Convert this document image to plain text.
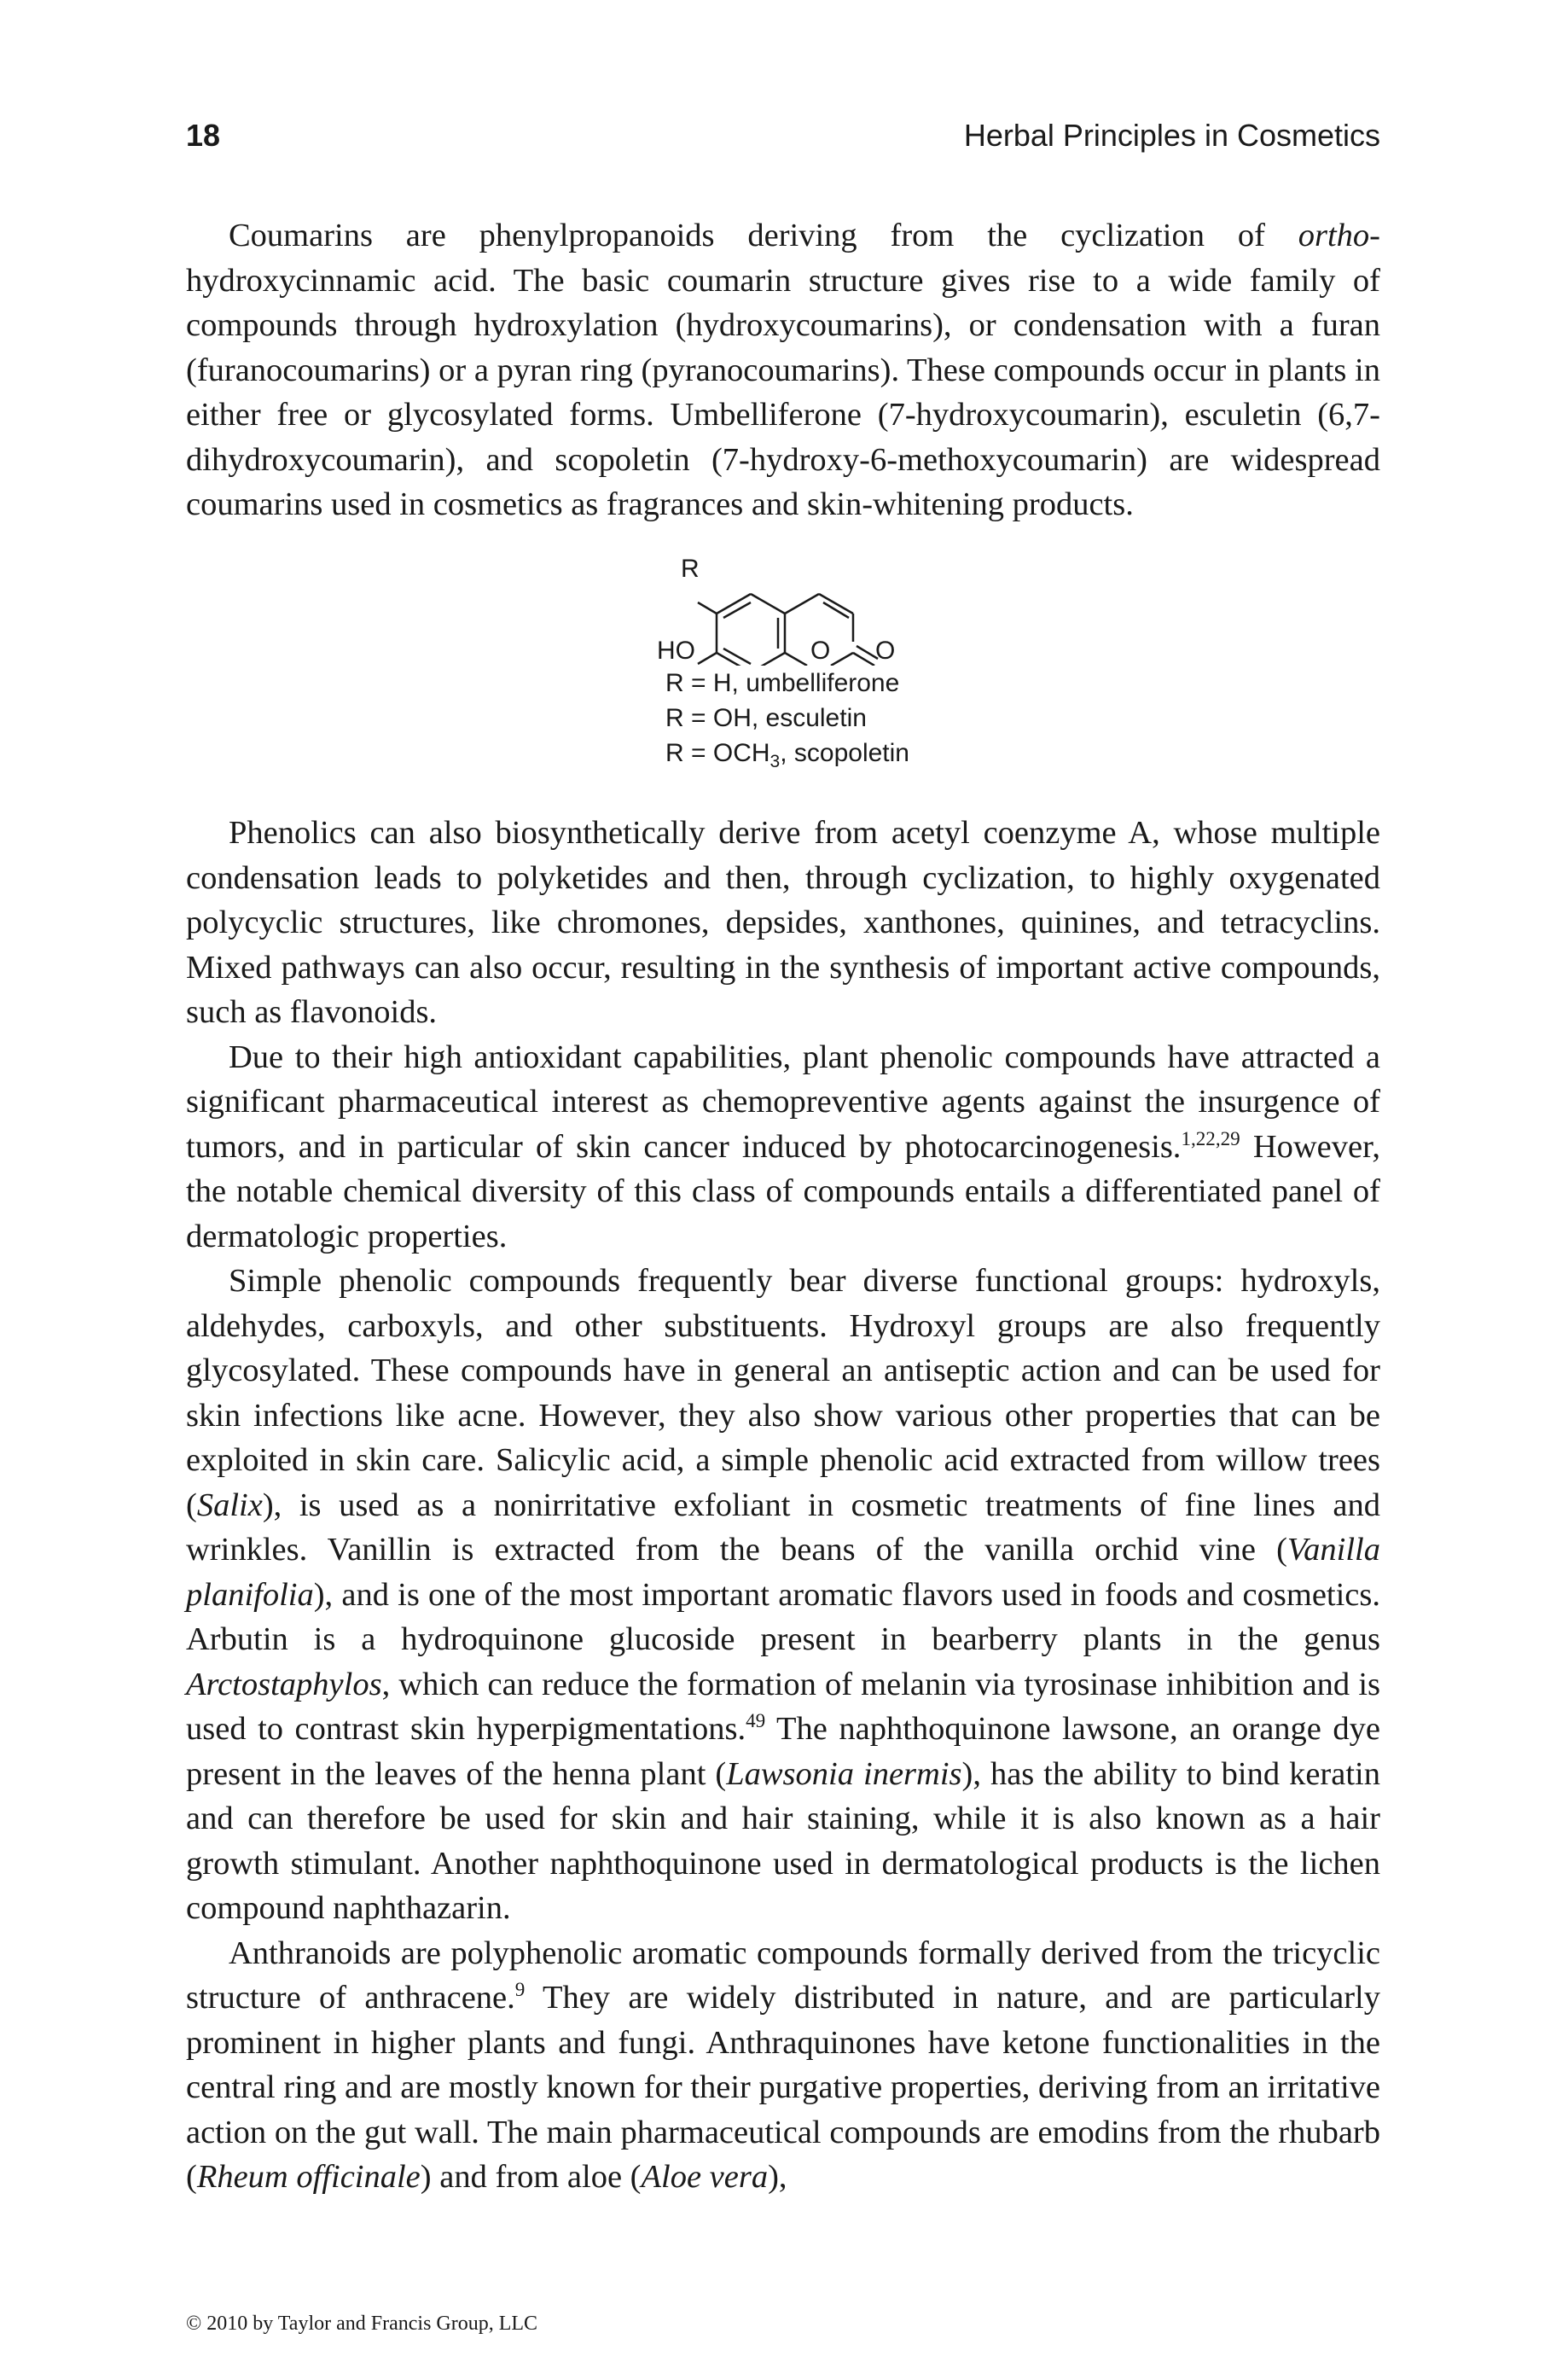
18	Herbal Principles in Cosmetics

Coumarins are phenylpropanoids deriving from the cyclization of ortho-hydroxycinnamic acid. The basic coumarin structure gives rise to a wide family of compounds through hydroxylation (hydroxycoumarins), or condensation with a furan (furanocoumarins) or a pyran ring (pyranocoumarins). These compounds occur in plants in either free or glycosylated forms. Umbelliferone (7-hydroxycoumarin), esculetin (6,7-dihydroxycoumarin), and scopoletin (7-hydroxy-6-methoxycoumarin) are widespread coumarins used in cosmetics as fragrances and skin-whitening products.

R
HO	O O
R = H, umbelliferone
R = OH, esculetin
$R = OCH_3$, scopoletin

Phenolics can also biosynthetically derive from acetyl coenzyme A, whose multiple condensation leads to polyketides and then, through cyclization, to highly oxygenated polycyclic structures, like chromones, depsides, xanthones, quinines, and tetracyclins. Mixed pathways can also occur, resulting in the synthesis of important active compounds, such as flavonoids.

Due to their high antioxidant capabilities, plant phenolic compounds have attracted a significant pharmaceutical interest as chemopreventive agents against the insurgence of tumors, and in particular of skin cancer induced by photocarcinogenesis.$^{1,22,29}$ However, the notable chemical diversity of this class of compounds entails a differentiated panel of dermatologic properties.

Simple phenolic compounds frequently bear diverse functional groups: hydroxyls, aldehydes, carboxyls, and other substituents. Hydroxyl groups are also frequently glycosylated. These compounds have in general an antiseptic action and can be used for skin infections like acne. However, they also show various other properties that can be exploited in skin care. Salicylic acid, a simple phenolic acid extracted from willow trees (Salix), is used as a nonirritative exfoliant in cosmetic treatments of fine lines and wrinkles. Vanillin is extracted from the beans of the vanilla orchid vine (Vanilla planifolia), and is one of the most important aromatic flavors used in foods and cosmetics. Arbutin is a hydroquinone glucoside present in bearberry plants in the genus Arctostaphylos, which can reduce the formation of melanin via tyrosinase inhibition and is used to contrast skin hyperpigmentations.$^{49}$ The naphthoquinone lawsone, an orange dye present in the leaves of the henna plant (Lawsonia inermis), has the ability to bind keratin and can therefore be used for skin and hair staining, while it is also known as a hair growth stimulant. Another naphthoquinone used in dermatological products is the lichen compound naphthazarin.

Anthranoids are polyphenolic aromatic compounds formally derived from the tricyclic structure of anthracene.$^9$ They are widely distributed in nature, and are particularly prominent in higher plants and fungi. Anthraquinones have ketone functionalities in the central ring and are mostly known for their purgative properties, deriving from an irritative action on the gut wall. The main pharmaceutical compounds are emodins from the rhubarb (Rheum officinale) and from aloe (Aloe vera),

© 2010 by Taylor and Francis Group, LLC
